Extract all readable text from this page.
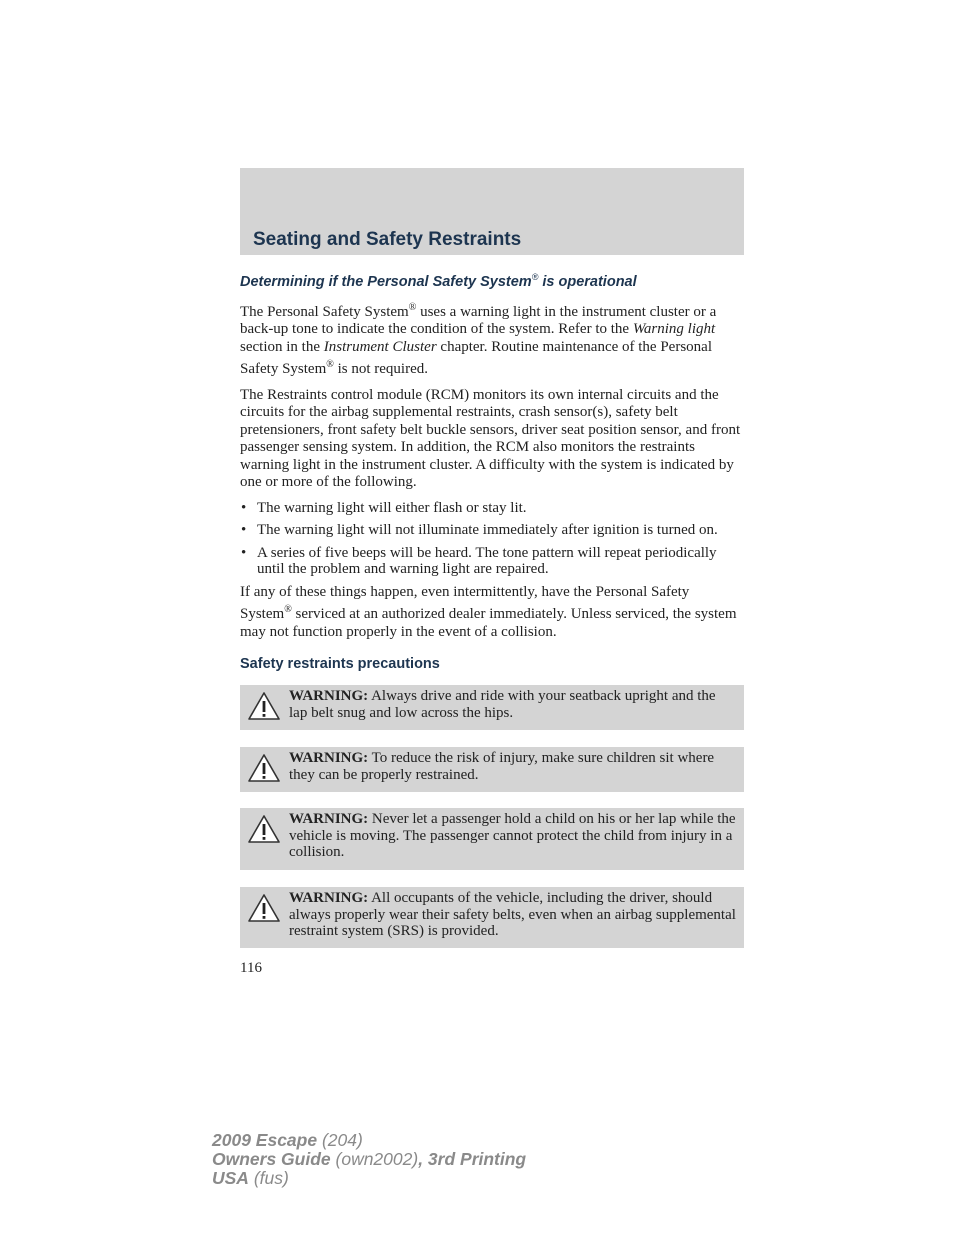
Seating and Safety Restraints
Determining if the Personal Safety System® is operational

The Personal Safety System® uses a warning light in the instrument cluster or a back-up tone to indicate the condition of the system. Refer to the Warning light section in the Instrument Cluster chapter. Routine maintenance of the Personal Safety System® is not required.

The Restraints control module (RCM) monitors its own internal circuits and the circuits for the airbag supplemental restraints, crash sensor(s), safety belt pretensioners, front safety belt buckle sensors, driver seat position sensor, and front passenger sensing system. In addition, the RCM also monitors the restraints warning light in the instrument cluster. A difficulty with the system is indicated by one or more of the following.

• The warning light will either flash or stay lit.
• The warning light will not illuminate immediately after ignition is turned on.
• A series of five beeps will be heard. The tone pattern will repeat periodically until the problem and warning light are repaired.

If any of these things happen, even intermittently, have the Personal Safety System® serviced at an authorized dealer immediately. Unless serviced, the system may not function properly in the event of a collision.

Safety restraints precautions
WARNING: Always drive and ride with your seatback upright and the lap belt snug and low across the hips.
WARNING: To reduce the risk of injury, make sure children sit where they can be properly restrained.
WARNING: Never let a passenger hold a child on his or her lap while the vehicle is moving. The passenger cannot protect the child from injury in a collision.
WARNING: All occupants of the vehicle, including the driver, should always properly wear their safety belts, even when an airbag supplemental restraint system (SRS) is provided.
116
2009 Escape (204)
Owners Guide (own2002), 3rd Printing
USA (fus)
